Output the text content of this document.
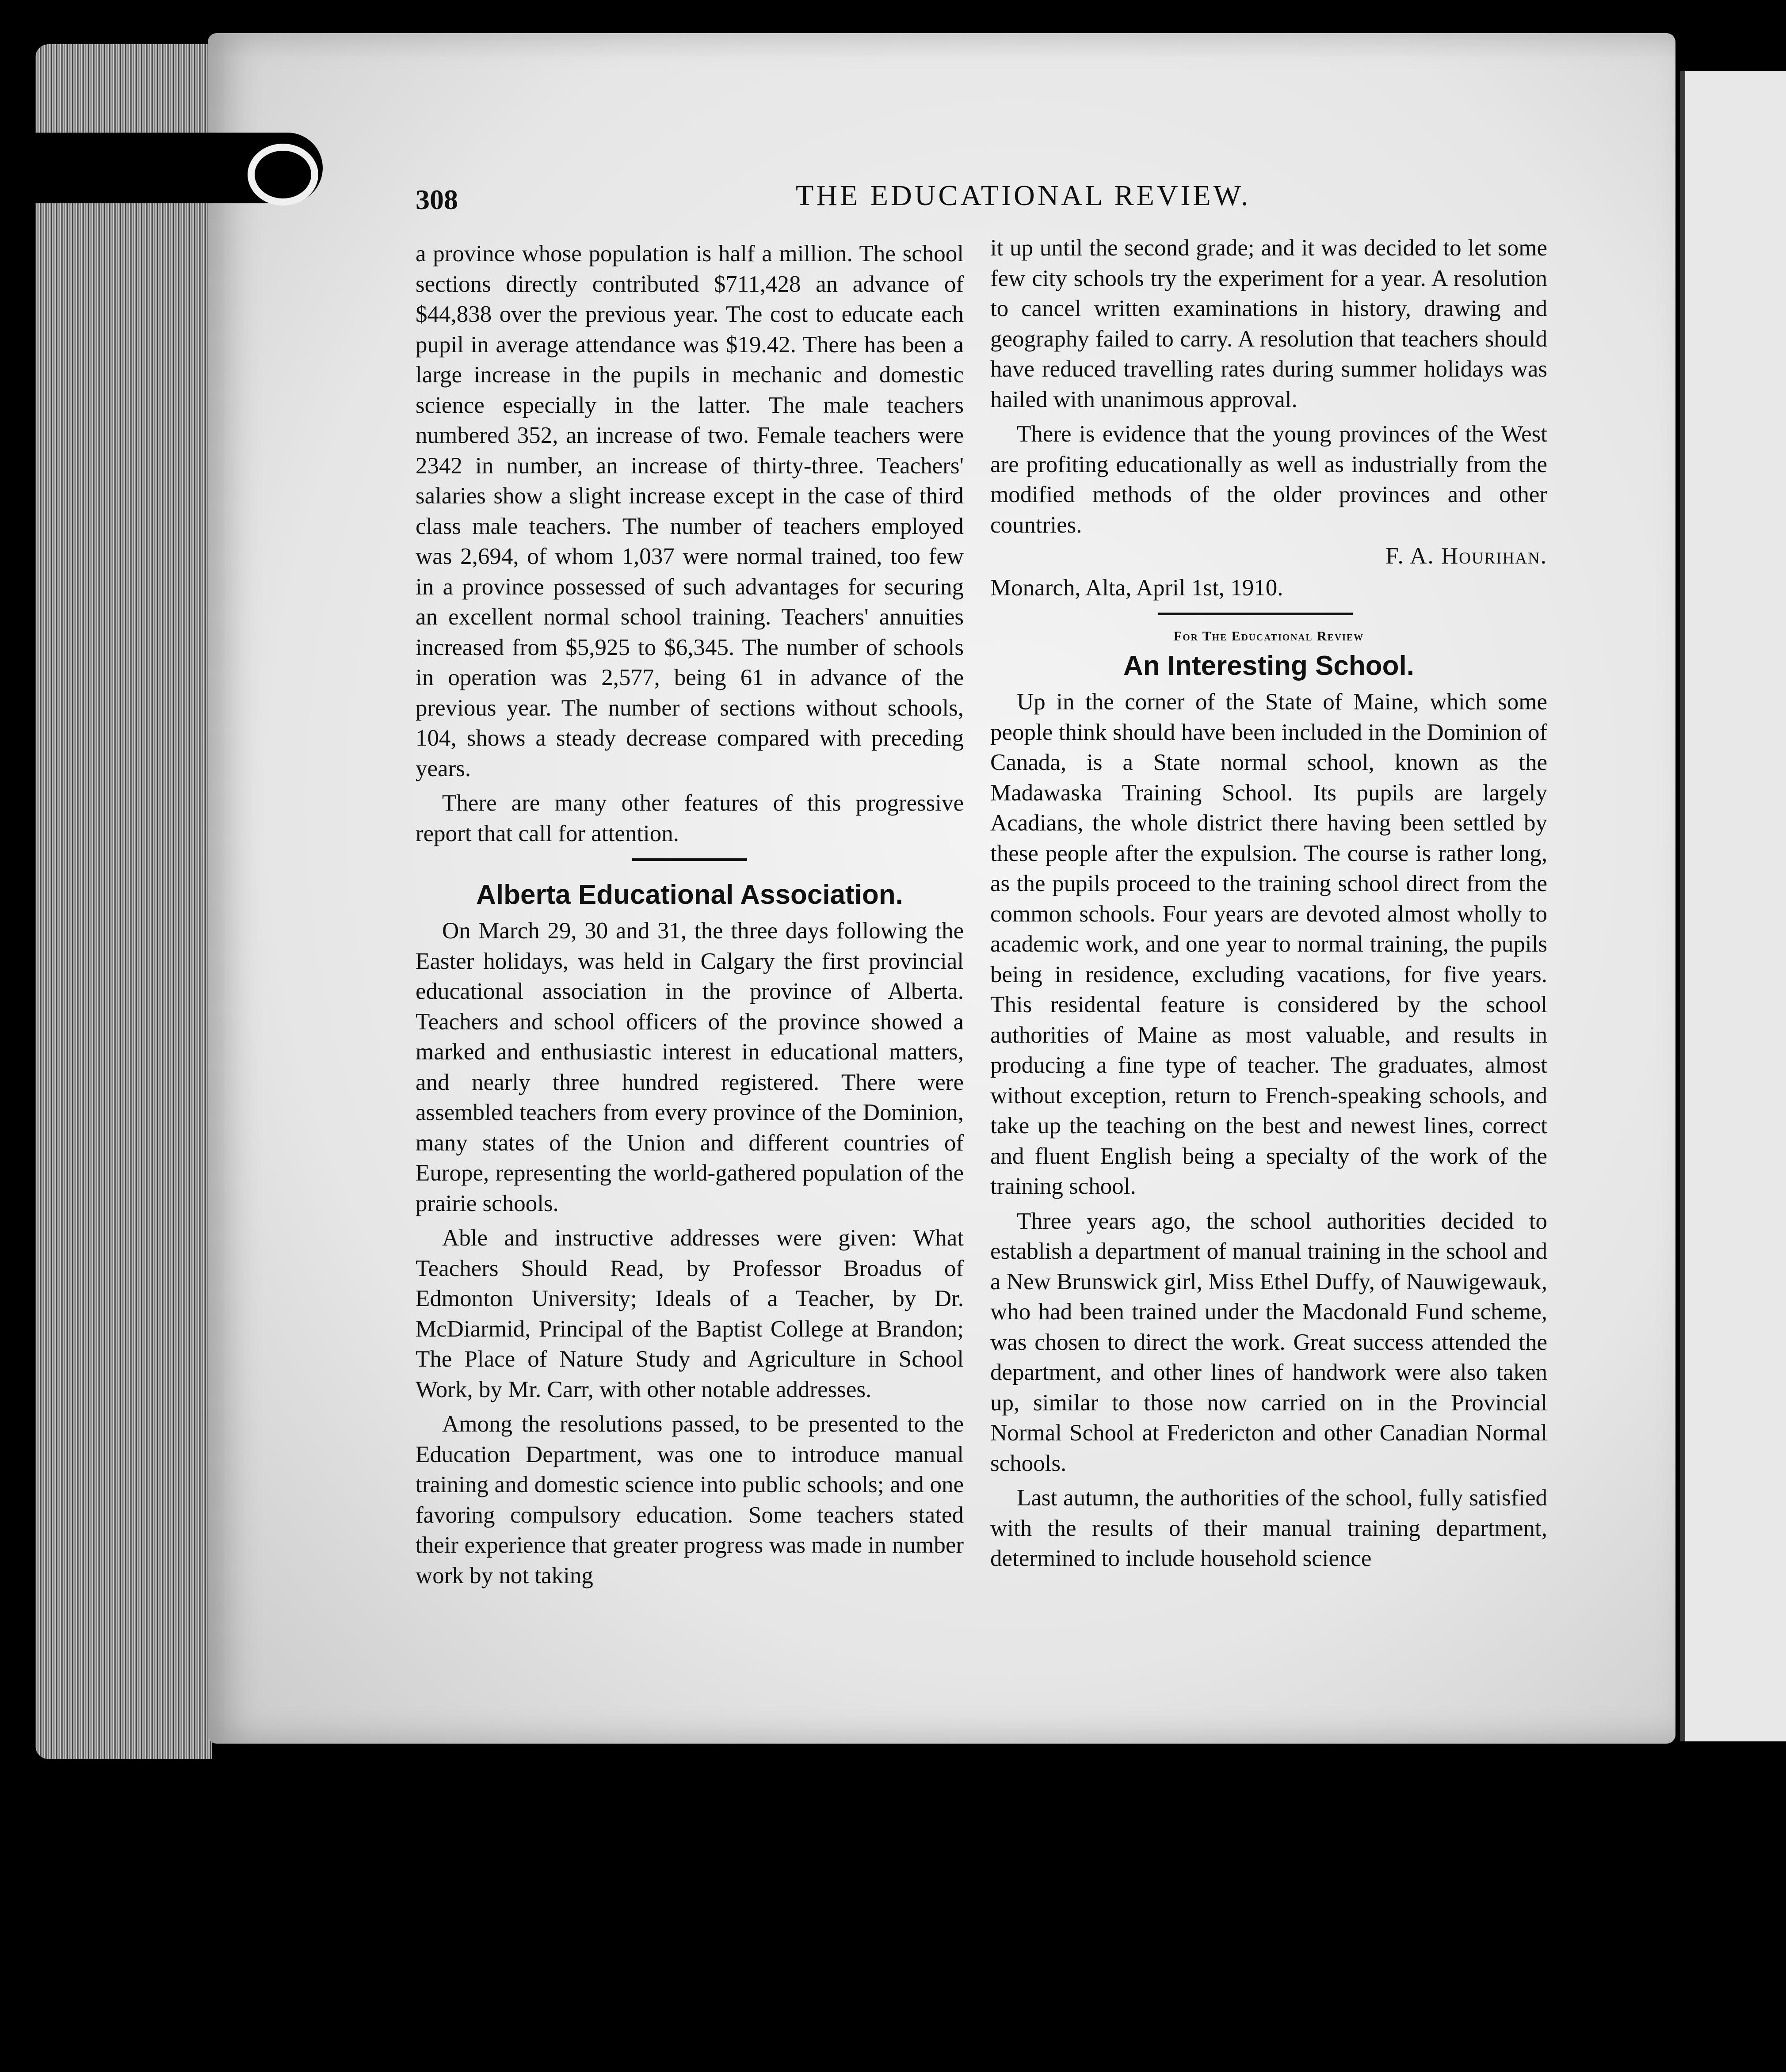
308	THE EDUCATIONAL REVIEW.

a province whose population is half a million. The school sections directly contributed $711,428 an advance of $44,838 over the previous year. The cost to educate each pupil in average attendance was $19.42. There has been a large increase in the pupils in mechanic and domestic science especially in the latter. The male teachers numbered 352, an increase of two. Female teachers were 2342 in number, an increase of thirty-three. Teachers' salaries show a slight increase except in the case of third class male teachers. The number of teachers employed was 2,694, of whom 1,037 were normal trained, too few in a province possessed of such advantages for securing an excellent normal school training. Teachers' annuities increased from $5,925 to $6,345. The number of schools in operation was 2,577, being 61 in advance of the previous year. The number of sections without schools, 104, shows a steady decrease compared with preceding years.

There are many other features of this progressive report that call for attention.

Alberta Educational Association.

On March 29, 30 and 31, the three days following the Easter holidays, was held in Calgary the first provincial educational association in the province of Alberta. Teachers and school officers of the province showed a marked and enthusiastic interest in educational matters, and nearly three hundred registered. There were assembled teachers from every province of the Dominion, many states of the Union and different countries of Europe, representing the world-gathered population of the prairie schools.

Able and instructive addresses were given: What Teachers Should Read, by Professor Broadus of Edmonton University; Ideals of a Teacher, by Dr. McDiarmid, Principal of the Baptist College at Brandon; The Place of Nature Study and Agriculture in School Work, by Mr. Carr, with other notable addresses.

Among the resolutions passed, to be presented to the Education Department, was one to introduce manual training and domestic science into public schools; and one favoring compulsory education. Some teachers stated their experience that greater progress was made in number work by not taking

it up until the second grade; and it was decided to let some few city schools try the experiment for a year. A resolution to cancel written examinations in history, drawing and geography failed to carry. A resolution that teachers should have reduced travelling rates during summer holidays was hailed with unanimous approval.

There is evidence that the young provinces of the West are profiting educationally as well as industrially from the modified methods of the older provinces and other countries.

F. A. Hourihan.

Monarch, Alta, April 1st, 1910.

For The Educational Review

An Interesting School.

Up in the corner of the State of Maine, which some people think should have been included in the Dominion of Canada, is a State normal school, known as the Madawaska Training School. Its pupils are largely Acadians, the whole district there having been settled by these people after the expulsion. The course is rather long, as the pupils proceed to the training school direct from the common schools. Four years are devoted almost wholly to academic work, and one year to normal training, the pupils being in residence, excluding vacations, for five years. This residental feature is considered by the school authorities of Maine as most valuable, and results in producing a fine type of teacher. The graduates, almost without exception, return to French-speaking schools, and take up the teaching on the best and newest lines, correct and fluent English being a specialty of the work of the training school.

Three years ago, the school authorities decided to establish a department of manual training in the school and a New Brunswick girl, Miss Ethel Duffy, of Nauwigewauk, who had been trained under the Macdonald Fund scheme, was chosen to direct the work. Great success attended the department, and other lines of handwork were also taken up, similar to those now carried on in the Provincial Normal School at Fredericton and other Canadian Normal schools.

Last autumn, the authorities of the school, fully satisfied with the results of their manual training department, determined to include household science
